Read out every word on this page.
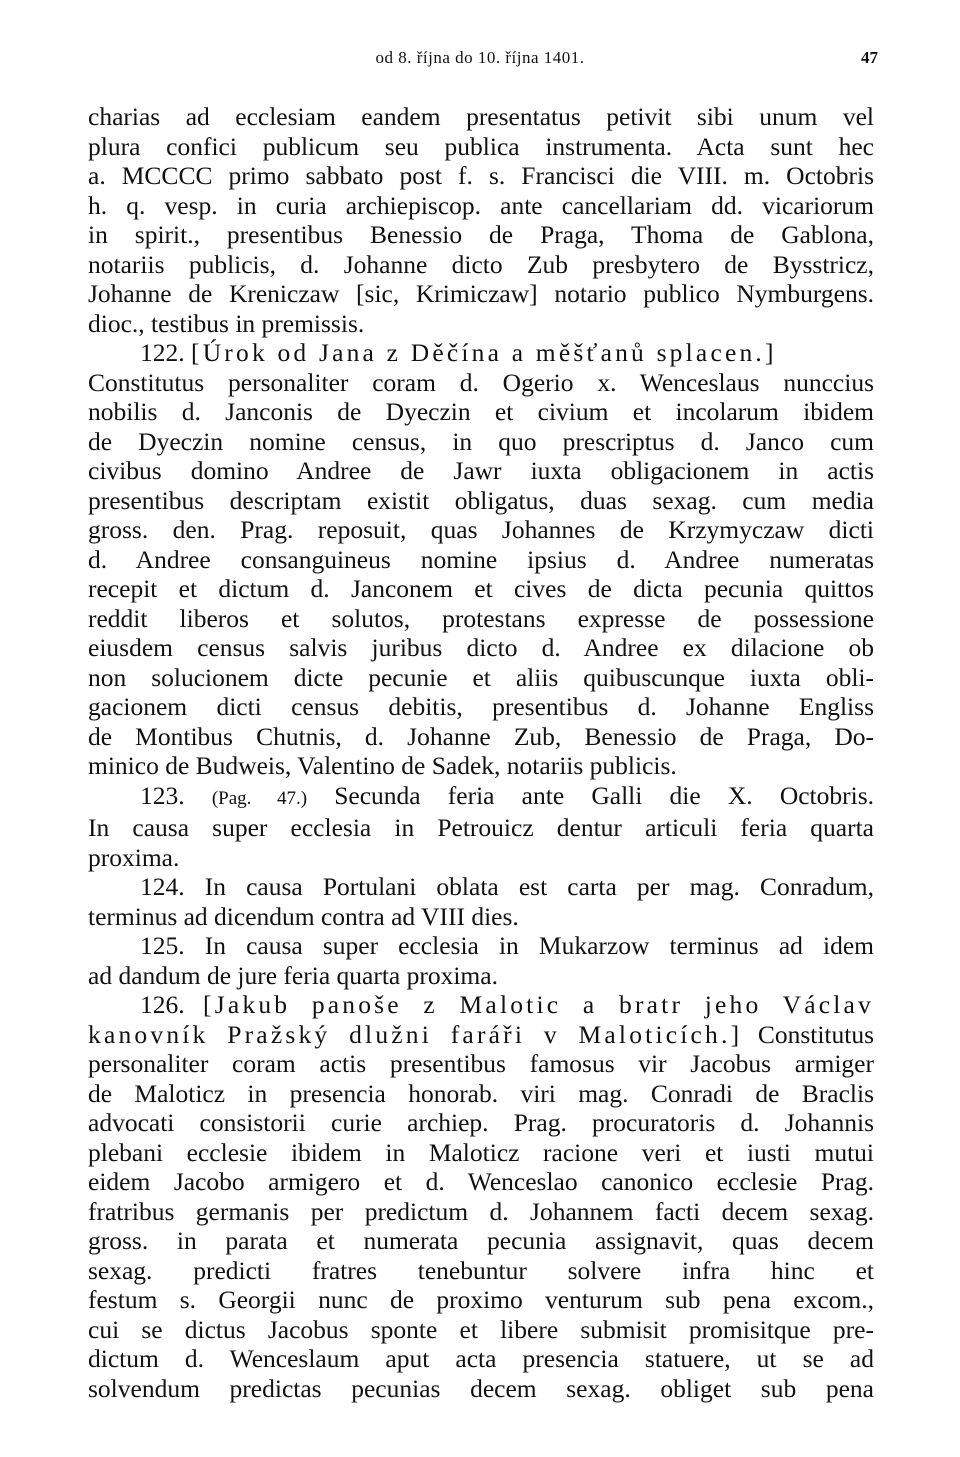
od 8. října do 10. října 1401.	47
charias ad ecclesiam eandem presentatus petivit sibi unum vel
plura confici publicum seu publica instrumenta. Acta sunt hec
a. MCCCC primo sabbato post f. s. Francisci die VIII. m. Octobris
h. q. vesp. in curia archiepiscop. ante cancellariam dd. vicariorum
in spirit., presentibus Benessio de Praga, Thoma de Gablona,
notariis publicis, d. Johanne dicto Zub presbytero de Bysstricz,
Johanne de Kreniczaw [sic, Krimiczaw] notario publico Nymburgens.
dioc., testibus in premissis.
122. [Úrok od Jana z Děčína a měšťanů splacen.]
Constitutus personaliter coram d. Ogerio x. Wenceslaus nunccius
nobilis d. Janconis de Dyeczin et civium et incolarum ibidem
de Dyeczin nomine census, in quo prescriptus d. Janco cum
civibus domino Andree de Jawr iuxta obligacionem in actis
presentibus descriptam existit obligatus, duas sexag. cum media
gross. den. Prag. reposuit, quas Johannes de Krzymyczaw dicti
d. Andree consanguineus nomine ipsius d. Andree numeratas
recepit et dictum d. Janconem et cives de dicta pecunia quittos
reddit liberos et solutos, protestans expresse de possessione
eiusdem census salvis juribus dicto d. Andree ex dilacione ob
non solucionem dicte pecunie et aliis quibuscunque iuxta obli-
gacionem dicti census debitis, presentibus d. Johanne Engliss
de Montibus Chutnis, d. Johanne Zub, Benessio de Praga, Do-
minico de Budweis, Valentino de Sadek, notariis publicis.
123. (Pag. 47.) Secunda feria ante Galli die X. Octobris.
In causa super ecclesia in Petrouicz dentur articuli feria quarta
proxima.
124. In causa Portulani oblata est carta per mag. Conradum,
terminus ad dicendum contra ad VIII dies.
125. In causa super ecclesia in Mukarzow terminus ad idem
ad dandum de jure feria quarta proxima.
126. [Jakub panoše z Malotic a bratr jeho Václav
kanovník Pražský dlužni faráři v Maloticích.] Constitutus
personaliter coram actis presentibus famosus vir Jacobus armiger
de Maloticz in presencia honorab. viri mag. Conradi de Braclis
advocati consistorii curie archiep. Prag. procuratoris d. Johannis
plebani ecclesie ibidem in Maloticz racione veri et iusti mutui
eidem Jacobo armigero et d. Wenceslao canonico ecclesie Prag.
fratribus germanis per predictum d. Johannem facti decem sexag.
gross. in parata et numerata pecunia assignavit, quas decem
sexag. predicti fratres tenebuntur solvere infra hinc et
festum s. Georgii nunc de proximo venturum sub pena excom.,
cui se dictus Jacobus sponte et libere submisit promisitque pre-
dictum d. Wenceslaum aput acta presencia statuere, ut se ad
solvendum predictas pecunias decem sexag. obliget sub pena
